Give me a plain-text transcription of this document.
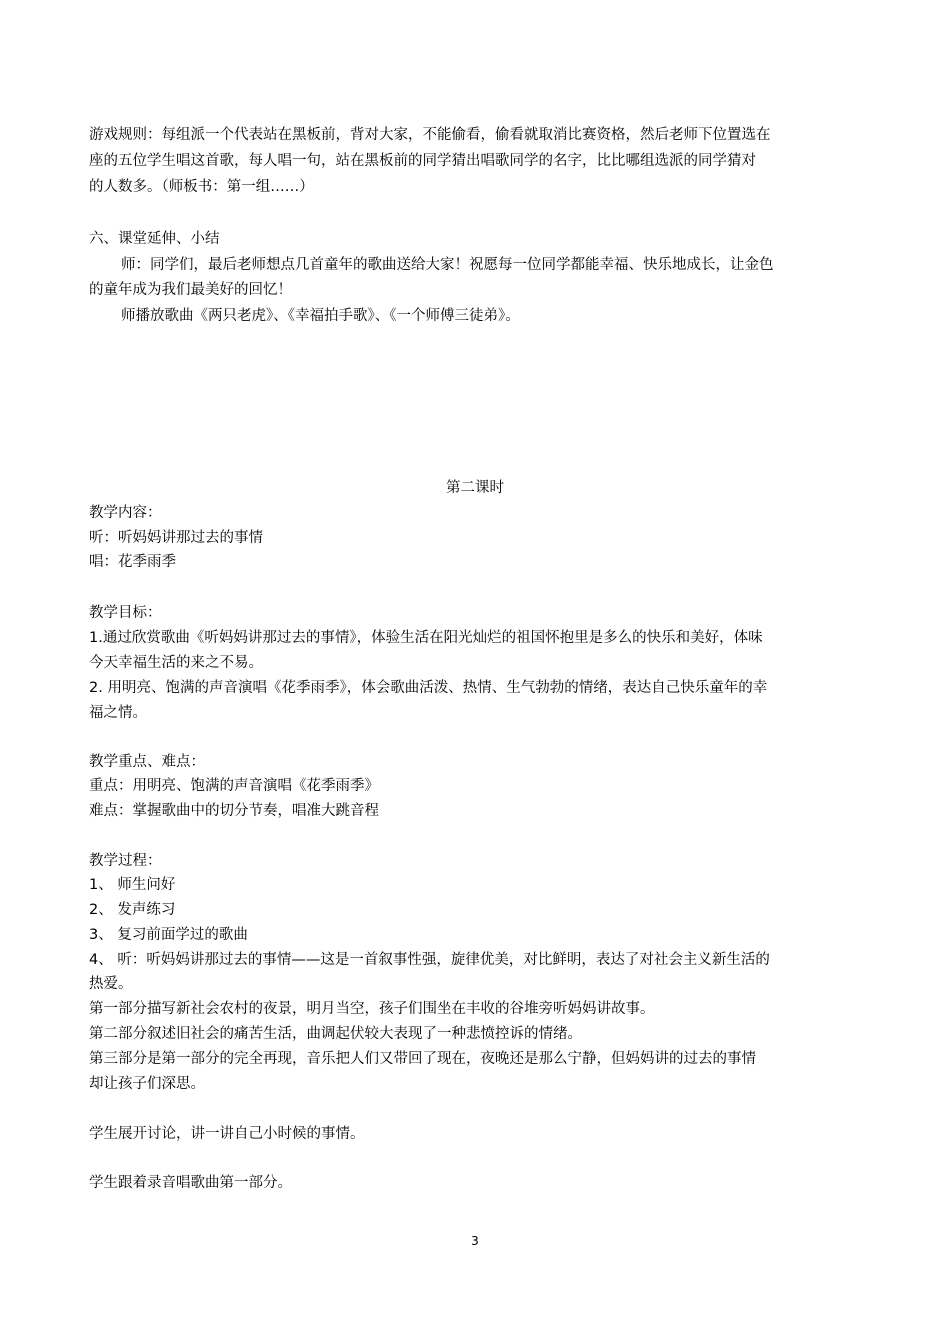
游戏规则：每组派一个代表站在黑板前，背对大家，不能偷看，偷看就取消比赛资格，然后老师下位置选在
座的五位学生唱这首歌，每人唱一句，站在黑板前的同学猜出唱歌同学的名字，比比哪组选派的同学猜对
的人数多。（师板书：第一组……）
六、课堂延伸、小结
师：同学们，最后老师想点几首童年的歌曲送给大家！祝愿每一位同学都能幸福、快乐地成长，让金色
的童年成为我们最美好的回忆！
师播放歌曲《两只老虎》、《幸福拍手歌》、《一个师傅三徒弟》。
第二课时
教学内容：
听：听妈妈讲那过去的事情
唱：花季雨季
教学目标：
1.通过欣赏歌曲《听妈妈讲那过去的事情》，体验生活在阳光灿烂的祖国怀抱里是多么的快乐和美好，体味
今天幸福生活的来之不易。
2. 用明亮、饱满的声音演唱《花季雨季》，体会歌曲活泼、热情、生气勃勃的情绪，表达自己快乐童年的幸
福之情。
教学重点、难点：
重点：用明亮、饱满的声音演唱《花季雨季》
难点：掌握歌曲中的切分节奏，唱准大跳音程
教学过程：
1、 师生问好
2、 发声练习
3、 复习前面学过的歌曲
4、 听：听妈妈讲那过去的事情——这是一首叙事性强，旋律优美，对比鲜明，表达了对社会主义新生活的
热爱。
第一部分描写新社会农村的夜景，明月当空，孩子们围坐在丰收的谷堆旁听妈妈讲故事。
第二部分叙述旧社会的痛苦生活，曲调起伏较大表现了一种悲愤控诉的情绪。
第三部分是第一部分的完全再现，音乐把人们又带回了现在，夜晚还是那么宁静，但妈妈讲的过去的事情
却让孩子们深思。
学生展开讨论，讲一讲自己小时候的事情。
学生跟着录音唱歌曲第一部分。
3
